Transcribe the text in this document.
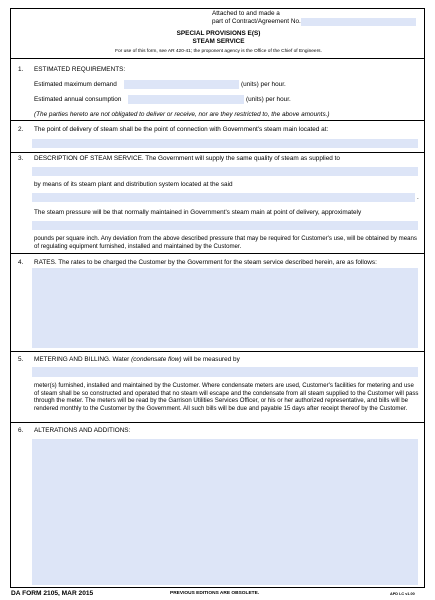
Attached to and made a
part of Contract/Agreement No.
SPECIAL PROVISIONS E(S)
STEAM SERVICE
For use of this form, see AR 420-41; the proponent agency is the Office of the Chief of Engineers.
1. ESTIMATED REQUIREMENTS:
Estimated maximum demand	(units) per hour.
Estimated annual consumption	(units) per hour.
(The parties hereto are not obligated to deliver or receive, nor are they restricted to, the above amounts.)
2. The point of delivery of steam shall be the point of connection with Government's steam main located at:
3. DESCRIPTION OF STEAM SERVICE. The Government will supply the same quality of steam as supplied to
by means of its steam plant and distribution system located at the said
.
The steam pressure will be that normally maintained in Government's steam main at point of delivery, approximately
pounds per square inch. Any deviation from the above described pressure that may be required for Customer's use, will be obtained by means of regulating equipment furnished, installed and maintained by the Customer.
4. RATES. The rates to be charged the Customer by the Government for the steam service described herein, are as follows:
5. METERING AND BILLING. Water (condensate flow) will be measured by
meter(s) furnished, installed and maintained by the Customer. Where condensate meters are used, Customer's facilities for metering and use of steam shall be so constructed and operated that no steam will escape and the condensate from all steam supplied to the Customer will pass through the meter. The meters will be read by the Garrison Utilities Services Officer, or his or her authorized representative, and bills will be rendered monthly to the Customer by the Government. All such bills will be due and payable 15 days after receipt thereof by the Customer.
6. ALTERATIONS AND ADDITIONS:
DA FORM 2105, MAR 2015	PREVIOUS EDITIONS ARE OBSOLETE.	APD LC v1.00
